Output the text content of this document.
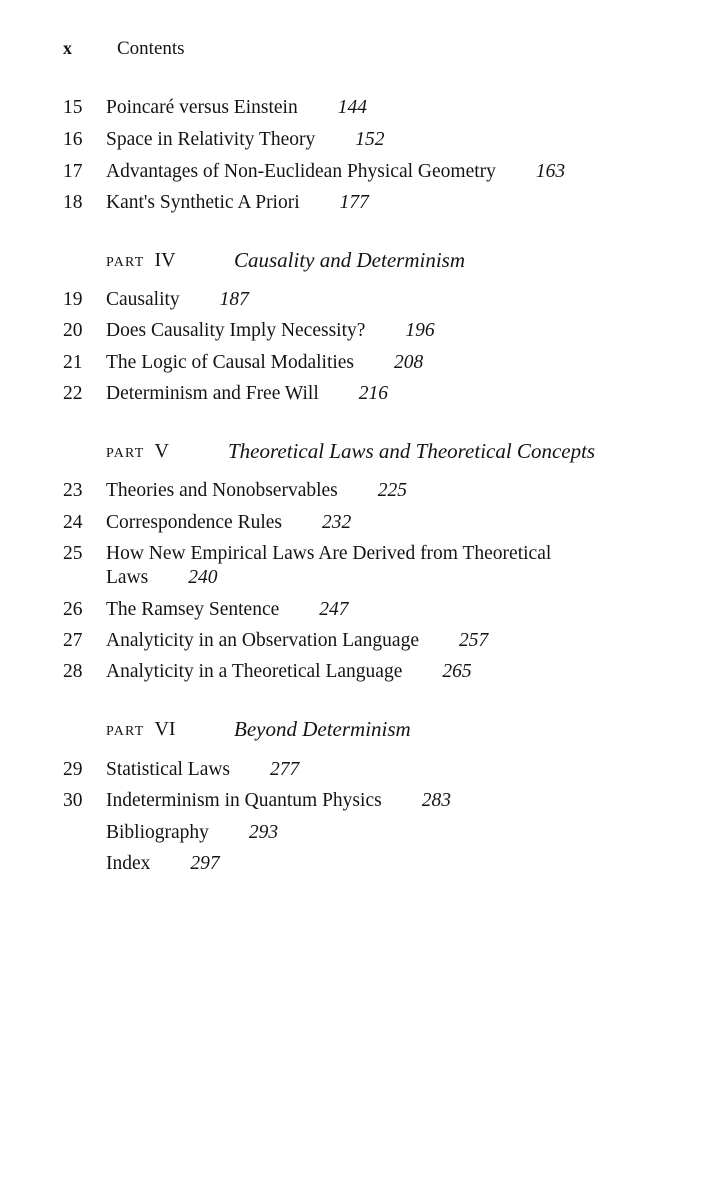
x Contents
15 Poincaré versus Einstein 144
16 Space in Relativity Theory 152
17 Advantages of Non-Euclidean Physical Geometry 163
18 Kant's Synthetic A Priori 177
PART IV	Causality and Determinism
19 Causality 187
20 Does Causality Imply Necessity? 196
21 The Logic of Causal Modalities 208
22 Determinism and Free Will 216
PART V	Theoretical Laws and Theoretical Concepts
23 Theories and Nonobservables 225
24 Correspondence Rules 232
25 How New Empirical Laws Are Derived from Theoretical Laws 240
26 The Ramsey Sentence 247
27 Analyticity in an Observation Language 257
28 Analyticity in a Theoretical Language 265
PART VI	Beyond Determinism
29 Statistical Laws 277
30 Indeterminism in Quantum Physics 283
Bibliography 293
Index 297
